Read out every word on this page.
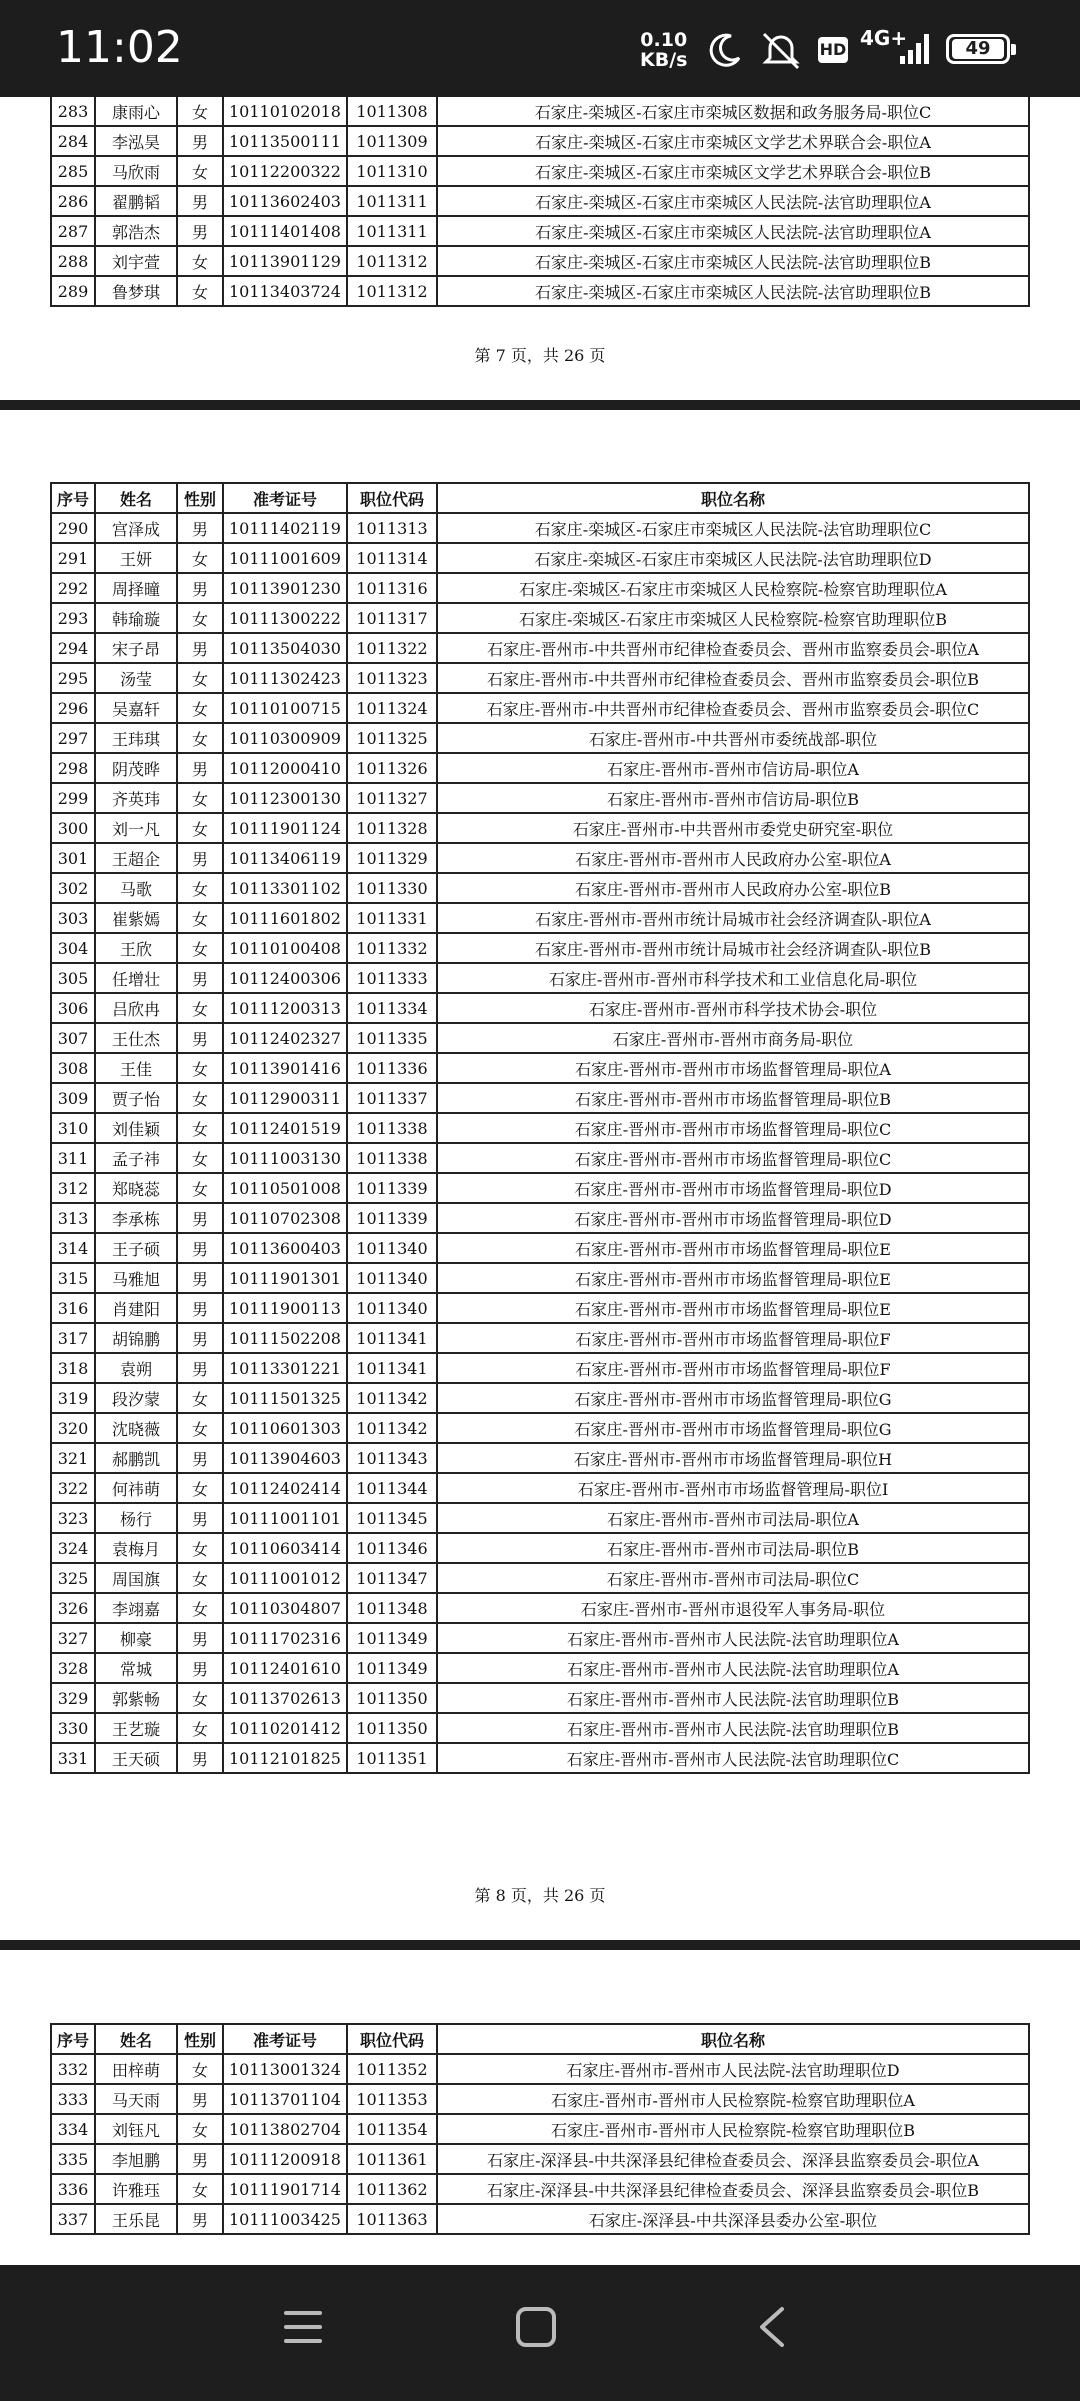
11:02	0.10
KB/s	HD 4G+	49
283	康雨心	女	10110102018	1011308	石家庄-栾城区-石家庄市栾城区数据和政务服务局-职位C
284	李泓昊	男	10113500111	1011309	石家庄-栾城区-石家庄市栾城区文学艺术界联合会-职位A
285	马欣雨	女	10112200322	1011310	石家庄-栾城区-石家庄市栾城区文学艺术界联合会-职位B
286	翟鹏韬	男	10113602403	1011311	石家庄-栾城区-石家庄市栾城区人民法院-法官助理职位A
287	郭浩杰	男	10111401408	1011311	石家庄-栾城区-石家庄市栾城区人民法院-法官助理职位A
288	刘宇萱	女	10113901129	1011312	石家庄-栾城区-石家庄市栾城区人民法院-法官助理职位B
289	鲁梦琪	女	10113403724	1011312	石家庄-栾城区-石家庄市栾城区人民法院-法官助理职位B
第 7 页，共 26 页
序号	姓名	性别	准考证号	职位代码	职位名称
290	宫泽成	男	10111402119	1011313	石家庄-栾城区-石家庄市栾城区人民法院-法官助理职位C
291	王妍	女	10111001609	1011314	石家庄-栾城区-石家庄市栾城区人民法院-法官助理职位D
292	周择曈	男	10113901230	1011316	石家庄-栾城区-石家庄市栾城区人民检察院-检察官助理职位A
293	韩瑜璇	女	10111300222	1011317	石家庄-栾城区-石家庄市栾城区人民检察院-检察官助理职位B
294	宋子昂	男	10113504030	1011322	石家庄-晋州市-中共晋州市纪律检查委员会、晋州市监察委员会-职位A
295	汤莹	女	10111302423	1011323	石家庄-晋州市-中共晋州市纪律检查委员会、晋州市监察委员会-职位B
296	吴嘉轩	女	10110100715	1011324	石家庄-晋州市-中共晋州市纪律检查委员会、晋州市监察委员会-职位C
297	王玮琪	女	10110300909	1011325	石家庄-晋州市-中共晋州市委统战部-职位
298	阴茂晔	男	10112000410	1011326	石家庄-晋州市-晋州市信访局-职位A
299	齐英玮	女	10112300130	1011327	石家庄-晋州市-晋州市信访局-职位B
300	刘一凡	女	10111901124	1011328	石家庄-晋州市-中共晋州市委党史研究室-职位
301	王超企	男	10113406119	1011329	石家庄-晋州市-晋州市人民政府办公室-职位A
302	马歌	女	10113301102	1011330	石家庄-晋州市-晋州市人民政府办公室-职位B
303	崔紫嫣	女	10111601802	1011331	石家庄-晋州市-晋州市统计局城市社会经济调查队-职位A
304	王欣	女	10110100408	1011332	石家庄-晋州市-晋州市统计局城市社会经济调查队-职位B
305	任增壮	男	10112400306	1011333	石家庄-晋州市-晋州市科学技术和工业信息化局-职位
306	吕欣冉	女	10111200313	1011334	石家庄-晋州市-晋州市科学技术协会-职位
307	王仕杰	男	10112402327	1011335	石家庄-晋州市-晋州市商务局-职位
308	王佳	女	10113901416	1011336	石家庄-晋州市-晋州市市场监督管理局-职位A
309	贾子怡	女	10112900311	1011337	石家庄-晋州市-晋州市市场监督管理局-职位B
310	刘佳颖	女	10112401519	1011338	石家庄-晋州市-晋州市市场监督管理局-职位C
311	孟子祎	女	10111003130	1011338	石家庄-晋州市-晋州市市场监督管理局-职位C
312	郑晓蕊	女	10110501008	1011339	石家庄-晋州市-晋州市市场监督管理局-职位D
313	李承栋	男	10110702308	1011339	石家庄-晋州市-晋州市市场监督管理局-职位D
314	王子硕	男	10113600403	1011340	石家庄-晋州市-晋州市市场监督管理局-职位E
315	马雅旭	男	10111901301	1011340	石家庄-晋州市-晋州市市场监督管理局-职位E
316	肖建阳	男	10111900113	1011340	石家庄-晋州市-晋州市市场监督管理局-职位E
317	胡锦鹏	男	10111502208	1011341	石家庄-晋州市-晋州市市场监督管理局-职位F
318	袁朔	男	10113301221	1011341	石家庄-晋州市-晋州市市场监督管理局-职位F
319	段汐蒙	女	10111501325	1011342	石家庄-晋州市-晋州市市场监督管理局-职位G
320	沈晓薇	女	10110601303	1011342	石家庄-晋州市-晋州市市场监督管理局-职位G
321	郝鹏凯	男	10113904603	1011343	石家庄-晋州市-晋州市市场监督管理局-职位H
322	何祎萌	女	10112402414	1011344	石家庄-晋州市-晋州市市场监督管理局-职位I
323	杨行	男	10111001101	1011345	石家庄-晋州市-晋州市司法局-职位A
324	袁梅月	女	10110603414	1011346	石家庄-晋州市-晋州市司法局-职位B
325	周国旗	女	10111001012	1011347	石家庄-晋州市-晋州市司法局-职位C
326	李翊嘉	女	10110304807	1011348	石家庄-晋州市-晋州市退役军人事务局-职位
327	柳豪	男	10111702316	1011349	石家庄-晋州市-晋州市人民法院-法官助理职位A
328	常城	男	10112401610	1011349	石家庄-晋州市-晋州市人民法院-法官助理职位A
329	郭紫畅	女	10113702613	1011350	石家庄-晋州市-晋州市人民法院-法官助理职位B
330	王艺璇	女	10110201412	1011350	石家庄-晋州市-晋州市人民法院-法官助理职位B
331	王天硕	男	10112101825	1011351	石家庄-晋州市-晋州市人民法院-法官助理职位C
第 8 页，共 26 页
序号	姓名	性别	准考证号	职位代码	职位名称
332	田梓萌	女	10113001324	1011352	石家庄-晋州市-晋州市人民法院-法官助理职位D
333	马天雨	男	10113701104	1011353	石家庄-晋州市-晋州市人民检察院-检察官助理职位A
334	刘钰凡	女	10113802704	1011354	石家庄-晋州市-晋州市人民检察院-检察官助理职位B
335	李旭鹏	男	10111200918	1011361	石家庄-深泽县-中共深泽县纪律检查委员会、深泽县监察委员会-职位A
336	许雅珏	女	10111901714	1011362	石家庄-深泽县-中共深泽县纪律检查委员会、深泽县监察委员会-职位B
337	王乐昆	男	10111003425	1011363	石家庄-深泽县-中共深泽县委办公室-职位
